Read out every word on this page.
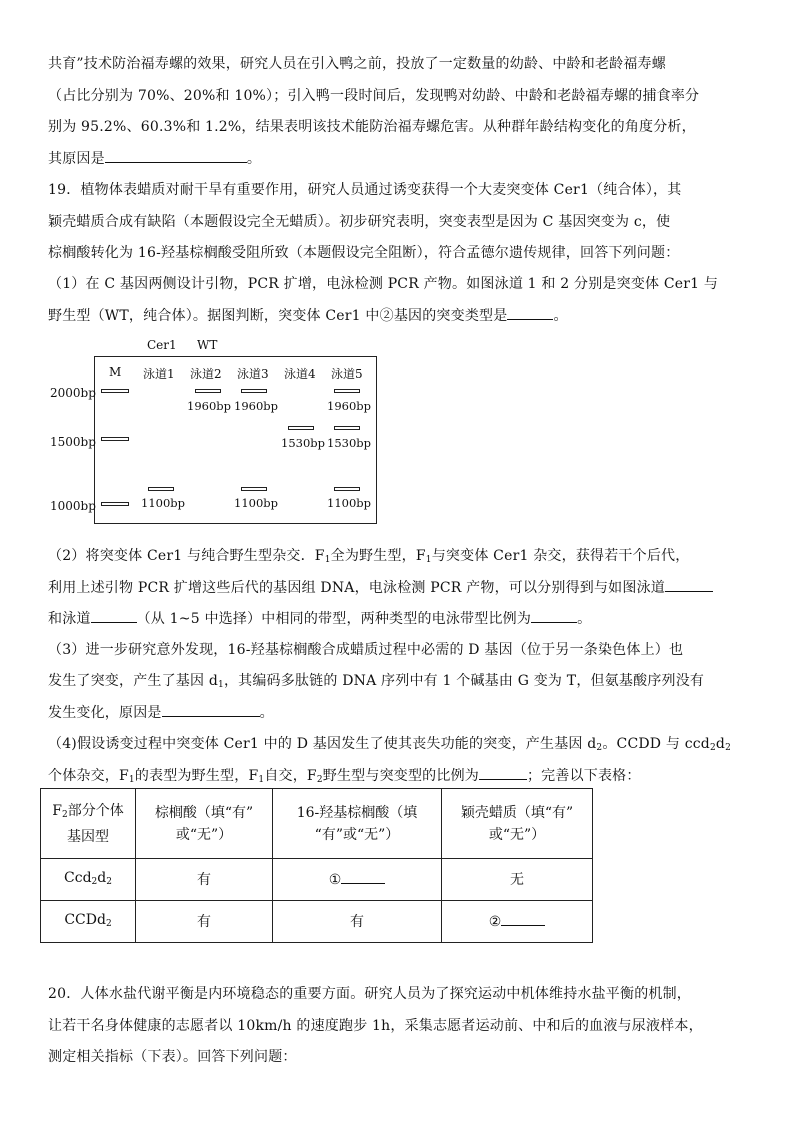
共育”技术防治福寿螺的效果，研究人员在引入鸭之前，投放了一定数量的幼龄、中龄和老龄福寿螺
（占比分别为 70%、20%和 10%）；引入鸭一段时间后，发现鸭对幼龄、中龄和老龄福寿螺的捕食率分
别为 95.2%、60.3%和 1.2%，结果表明该技术能防治福寿螺危害。从种群年龄结构变化的角度分析，
其原因是	。
19．植物体表蜡质对耐干旱有重要作用，研究人员通过诱变获得一个大麦突变体 Cer1（纯合体），其
颖壳蜡质合成有缺陷（本题假设完全无蜡质）。初步研究表明，突变表型是因为 C 基因突变为 c，使
棕榈酸转化为 16-羟基棕榈酸受阻所致（本题假设完全阻断），符合孟德尔遗传规律，回答下列问题：
（1）在 C 基因两侧设计引物，PCR 扩增，电泳检测 PCR 产物。如图泳道 1 和 2 分别是突变体 Cer1 与
野生型（WT，纯合体）。据图判断，突变体 Cer1 中②基因的突变类型是	。
Cer1 WT
M 泳道1 泳道2 泳道3 泳道4 泳道5
2000bp
1500bp
1000bp	1100bp
1960bp 1960bp
1100bp
1530bp
1960bp
1530bp
1100bp
（2）将突变体 Cer1 与纯合野生型杂交．$F_1$全为野生型，$F_1$与突变体 Cer1 杂交，获得若干个后代，
利用上述引物 PCR 扩增这些后代的基因组 DNA，电泳检测 PCR 产物，可以分别得到与如图泳道
和泳道	（从 1~5 中选择）中相同的带型，两种类型的电泳带型比例为	。
（3）进一步研究意外发现，16-羟基棕榈酸合成蜡质过程中必需的 D 基因（位于另一条染色体上）也
发生了突变，产生了基因 $d_1$，其编码多肽链的 DNA 序列中有 1 个碱基由 G 变为 T，但氨基酸序列没有
发生变化，原因是	。
（4)假设诱变过程中突变体 Cer1 中的 D 基因发生了使其丧失功能的突变，产生基因 $d_2$。CCDD 与 $ccd_2d_2$
个体杂交，$F_1$的表型为野生型，$F_1$自交，$F_2$野生型与突变型的比例为	；完善以下表格：
$F_2$部分个体
基因型	棕榈酸（填“有”
或“无”）	16-羟基棕榈酸（填
“有”或“无”）	颖壳蜡质（填“有”
或“无”）
$Ccd_2d_2$	有	①	无
CCDd$_2$	有	有	②
20．人体水盐代谢平衡是内环境稳态的重要方面。研究人员为了探究运动中机体维持水盐平衡的机制，
让若干名身体健康的志愿者以 10km/h 的速度跑步 1h，采集志愿者运动前、中和后的血液与尿液样本，
测定相关指标（下表）。回答下列问题：
